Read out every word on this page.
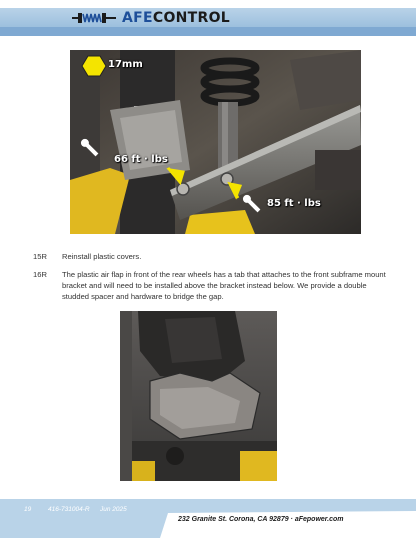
AFECONTROL
17mm
66 ft · lbs
85 ft · lbs
15R Reinstall plastic covers.
16R The plastic air flap in front of the rear wheels has a tab that attaches to the front subframe mount bracket and will need to be installed above the bracket instead below. We provide a double studded spacer and hardware to bridge the gap.
19	416-731004-R Jun 2025
232 Granite St. Corona, CA 92879 · aFepower.com
